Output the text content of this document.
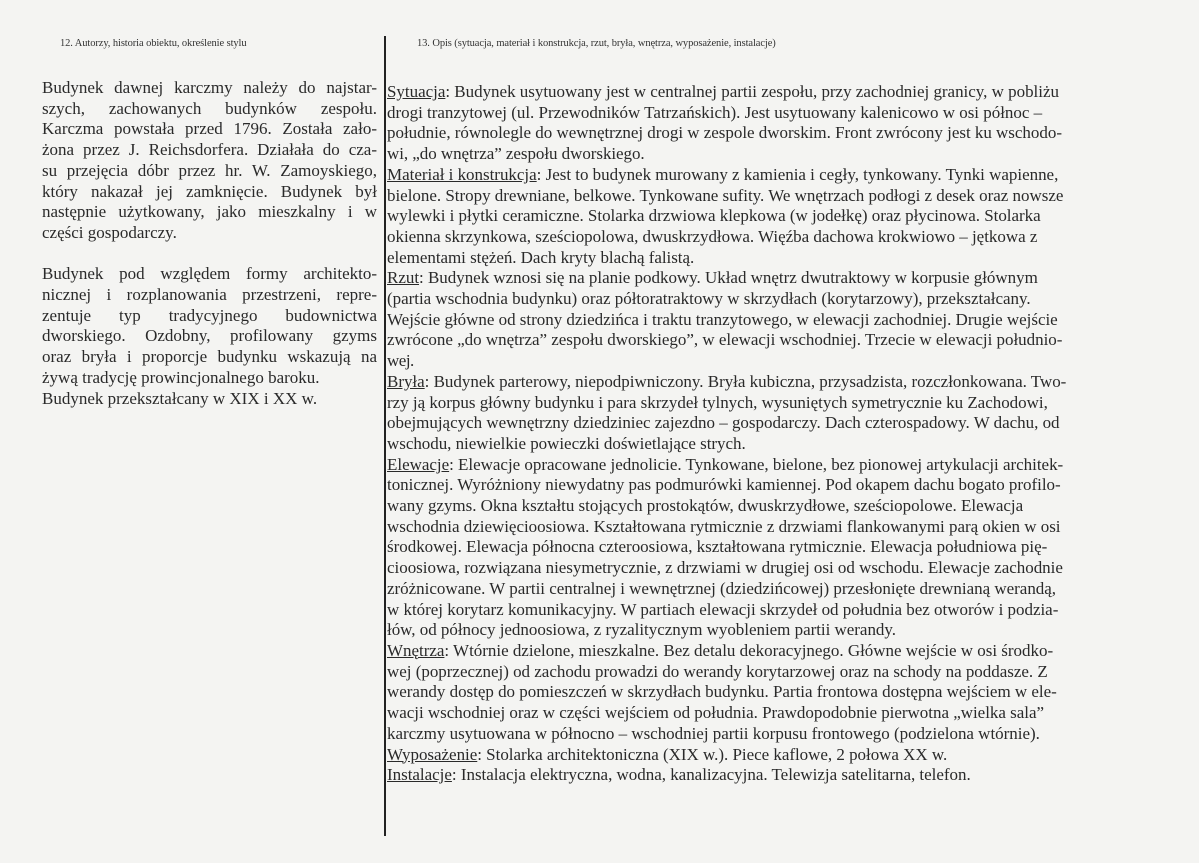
12. Autorzy, historia obiektu, określenie stylu	13. Opis (sytuacja, materiał i konstrukcja, rzut, bryła, wnętrza, wyposażenie, instalacje)

Budynek dawnej karczmy należy do najstar-
szych, zachowanych budynków zespołu.
Karczma powstała przed 1796. Została zało-
żona przez J. Reichsdorfera. Działała do cza-
su przejęcia dóbr przez hr. W. Zamoyskiego,
który nakazał jej zamknięcie. Budynek był
następnie użytkowany, jako mieszkalny i w
części gospodarczy.

Budynek pod względem formy architekto-
nicznej i rozplanowania przestrzeni, repre-
zentuje typ tradycyjnego budownictwa
dworskiego. Ozdobny, profilowany gzyms
oraz bryła i proporcje budynku wskazują na
żywą tradycję prowincjonalnego baroku.
Budynek przekształcany w XIX i XX w.

Sytuacja: Budynek usytuowany jest w centralnej partii zespołu, przy zachodniej granicy, w pobliżu
drogi tranzytowej (ul. Przewodników Tatrzańskich). Jest usytuowany kalenicowo w osi północ –
południe, równolegle do wewnętrznej drogi w zespole dworskim. Front zwrócony jest ku wschodo-
wi, „do wnętrza” zespołu dworskiego.
Materiał i konstrukcja: Jest to budynek murowany z kamienia i cegły, tynkowany. Tynki wapienne,
bielone. Stropy drewniane, belkowe. Tynkowane sufity. We wnętrzach podłogi z desek oraz nowsze
wylewki i płytki ceramiczne. Stolarka drzwiowa klepkowa (w jodełkę) oraz płycinowa. Stolarka
okienna skrzynkowa, sześciopolowa, dwuskrzydłowa. Więźba dachowa krokwiowo – jętkowa z
elementami stężeń. Dach kryty blachą falistą.
Rzut: Budynek wznosi się na planie podkowy. Układ wnętrz dwutraktowy w korpusie głównym
(partia wschodnia budynku) oraz półtoratraktowy w skrzydłach (korytarzowy), przekształcany.
Wejście główne od strony dziedzińca i traktu tranzytowego, w elewacji zachodniej. Drugie wejście
zwrócone „do wnętrza” zespołu dworskiego”, w elewacji wschodniej. Trzecie w elewacji południo-
wej.
Bryła: Budynek parterowy, niepodpiwniczony. Bryła kubiczna, przysadzista, rozczłonkowana. Two-
rzy ją korpus główny budynku i para skrzydeł tylnych, wysuniętych symetrycznie ku Zachodowi,
obejmujących wewnętrzny dziedziniec zajezdno – gospodarczy. Dach czterospadowy. W dachu, od
wschodu, niewielkie powieczki doświetlające strych.
Elewacje: Elewacje opracowane jednolicie. Tynkowane, bielone, bez pionowej artykulacji architek-
tonicznej. Wyróżniony niewydatny pas podmurówki kamiennej. Pod okapem dachu bogato profilo-
wany gzyms. Okna kształtu stojących prostokątów, dwuskrzydłowe, sześciopolowe. Elewacja
wschodnia dziewięcioosiowa. Kształtowana rytmicznie z drzwiami flankowanymi parą okien w osi
środkowej. Elewacja północna czteroosiowa, kształtowana rytmicznie. Elewacja południowa pię-
cioosiowa, rozwiązana niesymetrycznie, z drzwiami w drugiej osi od wschodu. Elewacje zachodnie
zróżnicowane. W partii centralnej i wewnętrznej (dziedzińcowej) przesłonięte drewnianą werandą,
w której korytarz komunikacyjny. W partiach elewacji skrzydeł od południa bez otworów i podzia-
łów, od północy jednoosiowa, z ryzalitycznym wyobleniem partii werandy.
Wnętrza: Wtórnie dzielone, mieszkalne. Bez detalu dekoracyjnego. Główne wejście w osi środko-
wej (poprzecznej) od zachodu prowadzi do werandy korytarzowej oraz na schody na poddasze. Z
werandy dostęp do pomieszczeń w skrzydłach budynku. Partia frontowa dostępna wejściem w ele-
wacji wschodniej oraz w części wejściem od południa. Prawdopodobnie pierwotna „wielka sala”
karczmy usytuowana w północno – wschodniej partii korpusu frontowego (podzielona wtórnie).
Wyposażenie: Stolarka architektoniczna (XIX w.). Piece kaflowe, 2 połowa XX w.
Instalacje: Instalacja elektryczna, wodna, kanalizacyjna. Telewizja satelitarna, telefon.
